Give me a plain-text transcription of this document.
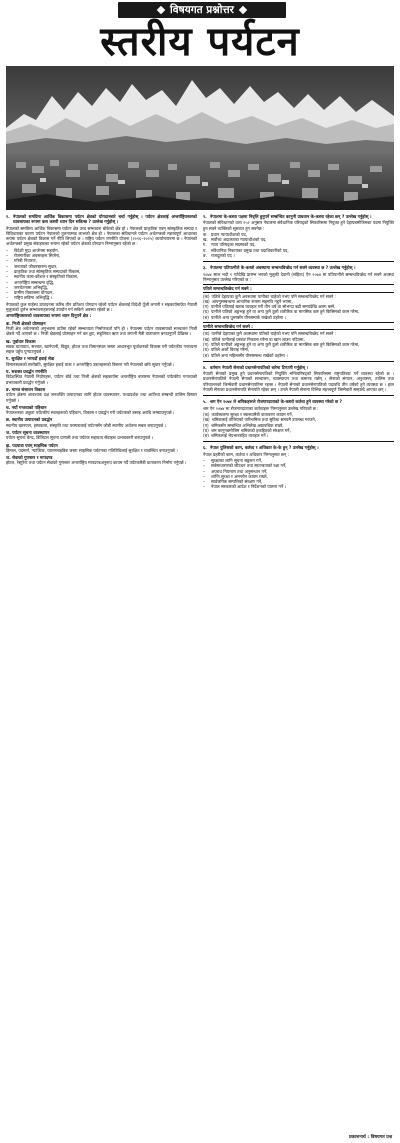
विषयगत प्रश्नोत्तर
स्तरीय पर्यटन
१. नेपालको समग्रिमा आर्थिक विकासमा पर्यटन क्षेत्रको योगदानबारे चर्चा गर्नुहोस् । पर्यटन क्षेत्रलाई अन्तर्राष्ट्रियस्तरको व्यवसायका रूपमा कस कसरी ध्यान दिन सकिन्छ ? उल्लेख गर्नुहोस् ।

नेपालको समग्रिमा आर्थिक विकासमा पर्यटन क्षेत्र उच्च सम्भावना बोकेको क्षेत्र हो । नेपालको प्राकृतिक एवम् सांस्कृतिक सम्पदा र विविधताका कारण पर्यटन नेपालको तुलनात्मक लाभको क्षेत्र हो । नेपालका संविधानले पर्यटन अर्थतन्त्रको महत्त्वपूर्ण आधारका रूपमा पर्यटन क्षेत्रको विकास गर्ने नीति लिएको छ । राष्ट्रिय पर्यटन रणनीति योजना (२०१६–२०२५) कार्यान्वयनमा छ । नेपालको अर्थतन्त्रको प्रमुख संवाहकका रूपमा रहेको पर्यटन क्षेत्रको योगदान निम्नानुसार रहेको छ :

–	विदेशी मुद्रा आर्जनमा सहयोग,
–	रोजगारीका अवसरहरू सिर्जना,
–	गरिबी निवारण,
–	जनताको जीवनस्तरमा सुधार,
–	प्राकृतिक तथा सांस्कृतिक सम्पदाको विकास,
–	स्थानीय कला-कौशल र संस्कृतिको विकास,
–	अन्तर्राष्ट्रिय सम्बन्धमा वृद्धि,
–	जनचेतनामा अभिवृद्धि,
–	ग्रामीण विकासमा योगदान,
–	राष्ट्रिय छविमा अभिवृद्धि ।

नेपालको कुल गार्हस्थ उत्पादनमा करिब तीन प्रतिशत योगदान रहेको पर्यटन क्षेत्रलाई विदेशी पूँजी लगानी र सहकार्यमार्फत नेपाली मुलुकको दुर्लभ सम्भावनाहरूलाई उपयोग गर्न सकिने अवस्था रहेको छ ।

अन्तर्राष्ट्रियस्तरको व्यवसायका रूपमा ध्यान दिनुपर्ने क्षेत्र :

क. निजी क्षेत्रको प्रोत्साहन

निजी क्षेत्र अर्थतन्त्रको अनुभवमा ठाउँमा रहेको सम्भाव्यता निर्माणकर्ता पनि हो । नेपालमा पर्यटन व्यवसायको सञ्चालन निजी क्षेत्रले गर्दै आएको छ । निजी क्षेत्रलाई प्रोत्साहन गर्न कर छुट, सहुलियत ऋण तथा लगानी मैत्री वातावरण बनाउनुपर्ने देखिन्छ ।

ख. पूर्वाधार विकास

सडक यातायात, सञ्चार, खानेपानी, विद्युत, होटल तथा विमानस्थल जस्ता आधारभूत पूर्वाधारको विकास गरी पर्यटकीय गन्तव्यमा सहज पहुँच पुर्‍याउनुपर्छ ।

ग. सुरक्षित र भरपर्दो हवाई सेवा

विमानस्थलको स्तरोन्नति, सुरक्षित हवाई यात्रा र अन्तर्राष्ट्रिय उडानहरूको विस्तार गरी नेपालको छवि सुधार गर्नुपर्छ ।

घ. सशक्त प्रवर्द्धन रणनीति

विदेशस्थित नेपाली नियोगहरू, पर्यटन बोर्ड तथा निजी क्षेत्रको सहकार्यमा अन्तर्राष्ट्रिय बजारमा नेपालको पर्यटकीय गन्तव्यको प्रभावकारी प्रवर्द्धन गर्नुपर्छ ।

ङ. मानव संसाधन विकास

पर्यटन क्षेत्रमा आवश्यक दक्ष जनशक्ति उत्पादनका लागि होटल व्यवस्थापन, पथप्रदर्शक तथा आतिथ्य सम्बन्धी तालिम विस्तार गर्नुपर्छ ।

च. नयाँ गन्तव्यको पहिचान

नेपालभरका अछुता पर्यटकीय स्थलहरूको पहिचान, विकास र प्रवर्द्धन गरी पर्यटकको बसाइ अवधि लम्ब्याउनुपर्छ ।

छ. स्थानीय उत्पादनको प्रवर्द्धन

स्थानीय खानपान, हस्तकला, संस्कृति तथा परम्परालाई पर्यटनसँग जोडी स्थानीय अर्थतन्त्र सबल बनाउनुपर्छ ।

ज. पर्यटन सूचना व्यवस्थापन

पर्यटन सूचना केन्द्र, डिजिटल सूचना प्रणाली तथा पर्यटक सहायता सेवाहरू प्रभावकारी बनाउनुपर्छ ।

झ. पदयात्रा एवम् साहसिक पर्यटन

हिमाल, पदमार्ग, र्‍याफ्टिङ, प्याराग्लाइडिङ जस्ता साहसिक पर्यटनका गतिविधिलाई सुरक्षित र व्यवस्थित बनाउनुपर्छ ।

ञ. सेवाको गुणस्तर र मापदण्ड

होटल, रेस्टुरेन्ट तथा पर्यटन सेवाको गुणस्तर अन्तर्राष्ट्रिय मापदण्डअनुरूप कायम गर्दै पर्यटकमैत्री वातावरण निर्माण गर्नुपर्छ ।

२. नेपालमा के-कस्ता पक्षमा निवृत्ति हुनुपर्ने सम्बन्धित कानुनी प्रावधान के-कस्ता रहेका छन् ? उल्लेख गर्नुहोस् ।

नेपालको संविधानको धारा २५२ अनुसार नेपालमा संवैधानिक परिषद्को सिफारिसमा नियुक्त हुने देहायबमोजिमका पदमा नियुक्ति हुन सक्ने व्यक्तिको सुरुवात हुन सक्नेछ :

क. प्रधान न्यायाधीशको पद,
ख. सर्वोच्च अदालतका न्यायाधीशको पद,
ग.	न्याय परिषद्का सदस्यको पद,
घ. संवैधानिक निकायका प्रमुख तथा पदाधिकारीको पद,
ङ. राजदूतको पद ।
३. नेपालमा पतिपत्नीले के-कस्तो अवस्थामा सम्बन्धविच्छेद गर्न सक्ने व्यवस्था छ ? उल्लेख गर्नुहोस् ।

२०७४ साल भदौ १ गतेदेखि प्रारम्भ भएको मुलुकी देवानी (संहिता) ऐन २०७४ मा पतिपत्नीले सम्बन्धविच्छेद गर्न सक्ने अवस्था निम्नानुसार उल्लेख गरिएको छ :

पतिले सम्बन्धविच्छेद गर्न सक्ने :
(क) पतिले देहायका कुनै अवस्थामा पत्नीका चाहेको नभए पनि सम्बन्धविच्छेद गर्न सक्ने :
(ख) आफ्नुसम्बन्धमा आन्तरिक रूपमा सहमति नहुने भएमा,
(ग) पत्नीले पतिलाई खराब व्यवहार गरी तीन वर्ष वा सोभन्दा बढी समयदेखि अलग बस्ने,
(घ) पत्नीले पतिको अङ्गभङ्ग हुने वा अन्य कुनै ठूलो शारीरिक वा मानसिक कष्ट हुने किसिमको काम गरेमा,
(ङ) पत्नीले अन्य पुरुषसँग यौनसम्पर्क राखेको ठहरेमा ।
पत्नीले सम्बन्धविच्छेद गर्न सक्ने :
(क) पत्नीले देहायका कुनै अवस्थामा पतिको चाहेको नभए पनि सम्बन्धविच्छेद गर्न सक्ने :
(ख) पतिले पत्नीलाई घरबाट निकाला गरेमा वा खान लाउन नदिएमा,
(ग) पतिले पत्नीको अङ्गभङ्ग हुने वा अन्य कुनै ठूलो शारीरिक वा मानसिक कष्ट हुने किसिमको काम गरेमा,
(घ) पतिले अर्को विवाह गरेमा,
(ङ) पतिले अन्य महिलासँग यौनसम्बन्ध राखेको ठहरेमा ।
४. वर्तमान नेपाली सेनाको प्रधानसेनापतिको बारेमा टिप्पणी गर्नुहोस् ।

नेपाली सेनाको प्रमुख हुने प्रधानसेनापतिको नियुक्ति मन्त्रिपरिषद्को सिफारिसमा राष्ट्रपतिबाट गर्ने व्यवस्था रहेको छ । प्रधानसेनापतिले नेपाली सेनाको सञ्चालन, व्यवस्थापन तथा कमाण्ड गर्छन् । सेनाको संगठन, अनुशासन, तालिम तथा परिचालनको जिम्मेवारी प्रधानसेनापतिमा रहन्छ । नेपाली सेनाको प्रधानसेनापतिको पदावधि तीन वर्षको हुने व्यवस्था छ । हाल नेपाली सेनाका प्रधानसेनापति सेनापति रहेका छन् । उनले नेपाली सेनामा विभिन्न महत्त्वपूर्ण जिम्मेवारी सम्हाल्दै आएका छन् ।

५. श्रम ऐन २०७४ ले श्रमिकहरूले रोजगारदाताको के-कस्तो कर्तव्य हुने व्यवस्था गरेको छ ?

श्रम ऐन २०७४ मा रोजगारदाताका कर्तव्यहरू निम्नानुसार उल्लेख गरिएको छ :

(क) कार्यस्थलमा सुरक्षा र स्वास्थ्यमैत्री वातावरण कायम गर्ने,
(ख) श्रमिकलाई तोकिएको पारिश्रमिक तथा सुविधा समयमै उपलब्ध गराउने,
(ग) श्रमिकसँग सम्बन्धित अभिलेख अद्यावधिक राख्ने,
(घ) श्रम कानुनबमोजिम श्रमिकको हकहितको संरक्षण गर्ने,
(ङ) श्रमिकलाई भेदभावरहित व्यवहार गर्ने ।
६. नेपाल पुलिसको काम, कर्तव्य र अधिकार के-के हुन् ? उल्लेख गर्नुहोस् ।

नेपाल प्रहरीको काम, कर्तव्य र अधिकार निम्नानुसार छन् :

–	सुरक्षाका लागि सूचना सङ्कलन गर्ने,
–	सर्वसाधारणको जीउधन तथा स्वतन्त्रताको रक्षा गर्ने,
–	अपराध नियन्त्रण तथा अनुसन्धान गर्ने,
–	शान्ति सुरक्षा र अमनचैन कायम राख्ने,
–	सार्वजनिक सम्पत्तिको संरक्षण गर्ने,
–	नेपाल सरकारको आदेश र निर्देशनको पालना गर्ने ।
प्रकाशनार्थ : विषयगत प्रश्न
